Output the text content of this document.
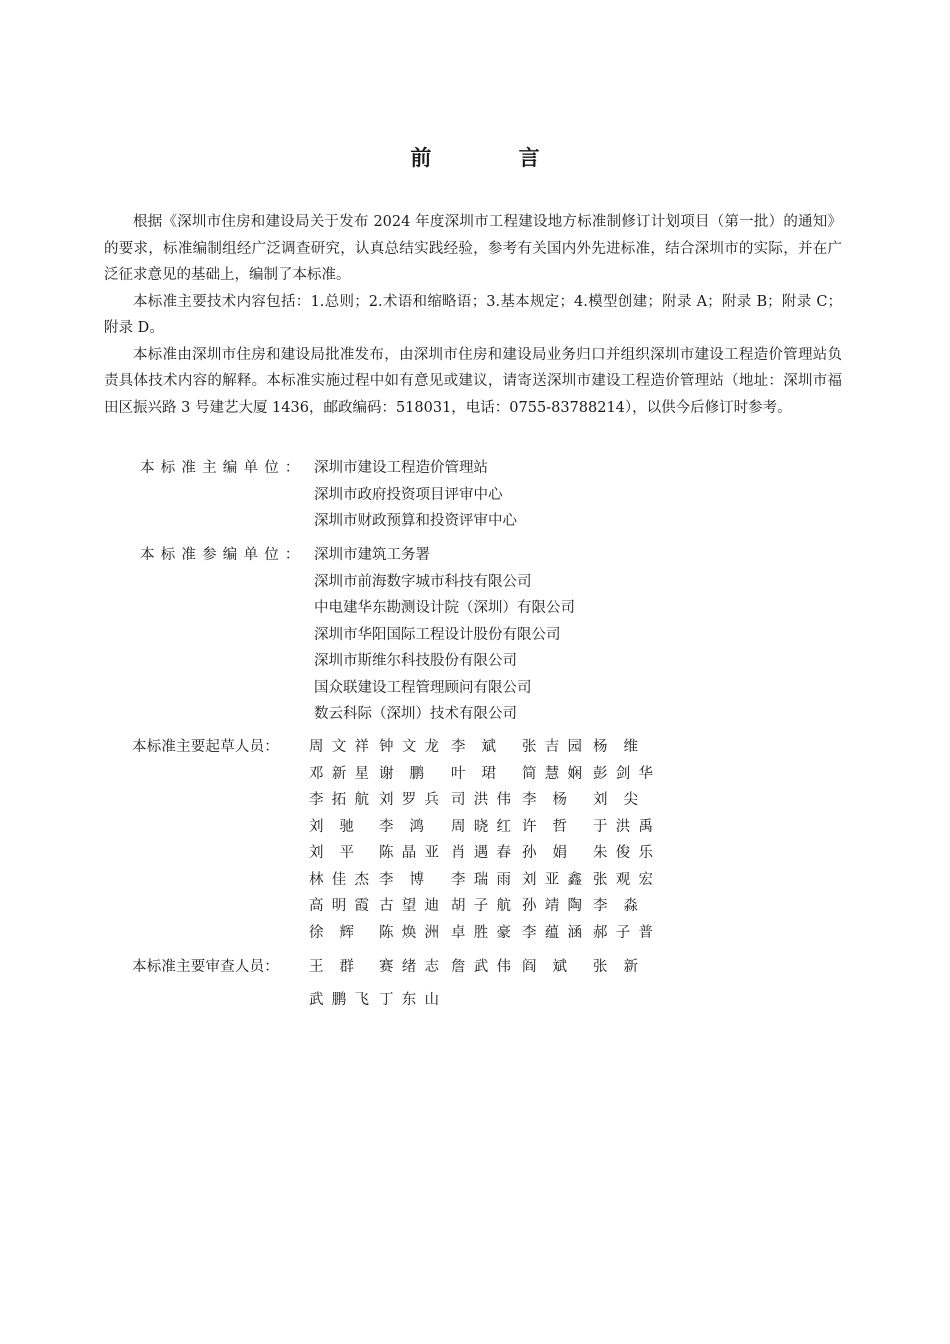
前 言

根据《深圳市住房和建设局关于发布 2024 年度深圳市工程建设地方标准制修订计划项目（第一批）的通知》的要求，标准编制组经广泛调查研究，认真总结实践经验，参考有关国内外先进标准，结合深圳市的实际，并在广泛征求意见的基础上，编制了本标准。

本标准主要技术内容包括：1.总则；2.术语和缩略语；3.基本规定；4.模型创建；附录 A；附录 B；附录 C；附录 D。

本标准由深圳市住房和建设局批准发布，由深圳市住房和建设局业务归口并组织深圳市建设工程造价管理站负责具体技术内容的解释。本标准实施过程中如有意见或建议，请寄送深圳市建设工程造价管理站（地址：深圳市福田区振兴路 3 号建艺大厦 1436，邮政编码：518031，电话：0755-83788214），以供今后修订时参考。

本标准主编单位： 深圳市建设工程造价管理站
深圳市政府投资项目评审中心
深圳市财政预算和投资评审中心
本标准参编单位： 深圳市建筑工务署
深圳市前海数字城市科技有限公司
中电建华东勘测设计院（深圳）有限公司
深圳市华阳国际工程设计股份有限公司
深圳市斯维尔科技股份有限公司
国众联建设工程管理顾问有限公司
数云科际（深圳）技术有限公司
本标准主要起草人员： 周文祥 钟文龙 李斌 张吉园 杨维
邓新星 谢鹏 叶珺 简慧娴 彭剑华
李拓航 刘罗兵 司洪伟 李杨 刘尖
刘驰 李鸿 周晓红 许哲 于洪禹
刘平 陈晶亚 肖遇春 孙娟 朱俊乐
林佳杰 李博 李瑞雨 刘亚鑫 张观宏
高明霞 古望迪 胡子航 孙靖陶 李淼
徐辉 陈焕洲 卓胜豪 李蕴涵 郝子普
本标准主要审查人员： 王群 赛绪志 詹武伟 阎斌 张新
武鹏飞 丁东山
